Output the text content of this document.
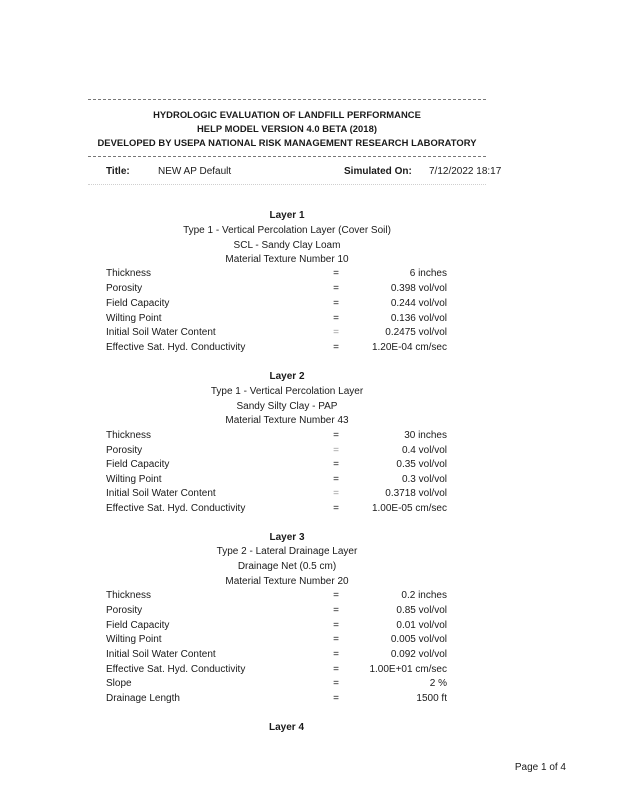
HYDROLOGIC EVALUATION OF LANDFILL PERFORMANCE
HELP MODEL VERSION 4.0 BETA (2018)
DEVELOPED BY USEPA NATIONAL RISK MANAGEMENT RESEARCH LABORATORY
Title:	NEW AP Default	Simulated On: 7/12/2022 18:17
Layer 1
Type 1 - Vertical Percolation Layer (Cover Soil)
SCL - Sandy Clay Loam
Material Texture Number 10
Thickness	=	6 inches
Porosity	=	0.398 vol/vol
Field Capacity	=	0.244 vol/vol
Wilting Point	=	0.136 vol/vol
Initial Soil Water Content	=	0.2475 vol/vol
Effective Sat. Hyd. Conductivity	=	1.20E-04 cm/sec
Layer 2
Type 1 - Vertical Percolation Layer
Sandy Silty Clay - PAP
Material Texture Number 43
Thickness	=	30 inches
Porosity	=	0.4 vol/vol
Field Capacity	=	0.35 vol/vol
Wilting Point	=	0.3 vol/vol
Initial Soil Water Content	=	0.3718 vol/vol
Effective Sat. Hyd. Conductivity	=	1.00E-05 cm/sec
Layer 3
Type 2 - Lateral Drainage Layer
Drainage Net (0.5 cm)
Material Texture Number 20
Thickness	=	0.2 inches
Porosity	=	0.85 vol/vol
Field Capacity	=	0.01 vol/vol
Wilting Point	=	0.005 vol/vol
Initial Soil Water Content	=	0.092 vol/vol
Effective Sat. Hyd. Conductivity	=	1.00E+01 cm/sec
Slope	=	2 %
Drainage Length	=	1500 ft
Layer 4
Page 1 of 4
